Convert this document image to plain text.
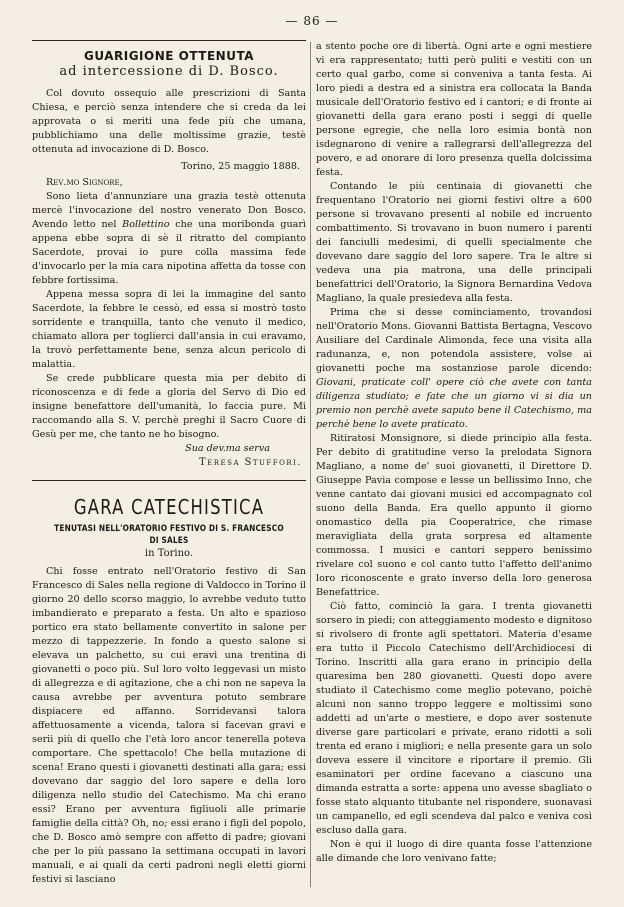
— 86 —
GUARIGIONE OTTENUTA
ad intercessione di D. Bosco.

Col dovuto ossequio alle prescrizioni di Santa Chiesa, e perciò senza intendere che si creda da lei approvata o si meriti una fede più che umana, pubblichiamo una delle moltissime grazie, testè ottenuta ad invocazione di D. Bosco.

Torino, 25 maggio 1888.
Rev.mo Signore,

Sono lieta d'annunziare una grazia testè ottenuta mercè l'invocazione del nostro venerato Don Bosco. Avendo letto nel Bollettino che una moribonda guarì appena ebbe sopra di sè il ritratto del compianto Sacerdote, provai io pure colla massima fede d'invocarlo per la mia cara nipotina affetta da tosse con febbre fortissima.

Appena messa sopra di lei la immagine del santo Sacerdote, la febbre le cessò, ed essa si mostrò tosto sorridente e tranquilla, tanto che venuto il medico, chiamato allora per toglierci dall'ansia in cui eravamo, la trovò perfettamente bene, senza alcun pericolo di malattia.

Se crede pubblicare questa mia per debito di riconoscenza e di fede a gloria del Servo di Dio ed insigne benefattore dell'umanità, lo faccia pure. Mi raccomando alla S. V. perchè preghi il Sacro Cuore di Gesù per me, che tanto ne ho bisogno.

Sua dev.ma serva
Teresa Stuffori.
GARA CATECHISTICA
TENUTASI NELL'ORATORIO FESTIVO DI S. FRANCESCO DI SALES
in Torino.

Chi fosse entrato nell'Oratorio festivo di San Francesco di Sales nella regione di Valdocco in Torino il giorno 20 dello scorso maggio, lo avrebbe veduto tutto imbandierato e preparato a festa. Un alto e spazioso portico era stato bellamente convertito in salone per mezzo di tappezzerie. In fondo a questo salone si elevava un palchetto, su cui eravi una trentina di giovanetti o poco più. Sul loro volto leggevasi un misto di allegrezza e di agitazione, che a chi non ne sapeva la causa avrebbe per avventura potuto sembrare dispiacere ed affanno. Sorridevansi talora affettuosamente a vicenda, talora si facevan gravi e serii più di quello che l'età loro ancor tenerella poteva comportare. Che spettacolo! Che bella mutazione di scena! Erano questi i giovanetti destinati alla gara; essi dovevano dar saggio del loro sapere e della loro diligenza nello studio del Catechismo. Ma chi erano essi? Erano per avventura figliuoli alle primarie famiglie della città? Oh, no; essi erano i figli del popolo, che D. Bosco amò sempre con affetto di padre; giovani che per lo più passano la settimana occupati in lavori manuali, e ai quali da certi padroni negli eletti giorni festivi si lasciano

a stento poche ore di libertà. Ogni arte e ogni mestiere vi era rappresentato; tutti però puliti e vestiti con un certo qual garbo, come si conveniva a tanta festa. Ai loro piedi a destra ed a sinistra era collocata la Banda musicale dell'Oratorio festivo ed i cantori; e di fronte ai giovanetti della gara erano posti i seggi di quelle persone egregie, che nella loro esimia bontà non isdegnarono di venire a rallegrarsi dell'allegrezza del povero, e ad onorare di loro presenza quella dolcissima festa.

Contando le più centinaia di giovanetti che frequentano l'Oratorio nei giorni festivi oltre a 600 persone si trovavano presenti al nobile ed incruento combattimento. Si trovavano in buon numero i parenti dei fanciulli medesimi, di quelli specialmente che dovevano dare saggio del loro sapere. Tra le altre si vedeva una pia matrona, una delle principali benefattrici dell'Oratorio, la Signora Bernardina Vedova Magliano, la quale presiedeva alla festa.

Prima che si desse cominciamento, trovandosi nell'Oratorio Mons. Giovanni Battista Bertagna, Vescovo Ausiliare del Cardinale Alimonda, fece una visita alla radunanza, e, non potendola assistere, volse ai giovanetti poche ma sostanziose parole dicendo: Giovani, praticate coll' opere ciò che avete con tanta diligenza studiato; e fate che un giorno vi si dia un premio non perchè avete saputo bene il Catechismo, ma perchè bene lo avete praticato.

Ritiratosi Monsignore, si diede principio alla festa. Per debito di gratitudine verso la prelodata Signora Magliano, a nome de' suoi giovanetti, il Direttore D. Giuseppe Pavia compose e lesse un bellissimo Inno, che venne cantato dai giovani musici ed accompagnato col suono della Banda. Era quello appunto il giorno onomastico della pia Cooperatrice, che rimase meravigliata della grata sorpresa ed altamente commossa. I musici e cantori seppero benissimo rivelare col suono e col canto tutto l'affetto dell'animo loro riconoscente e grato inverso della loro generosa Benefattrice.

Ciò fatto, cominciò la gara. I trenta giovanetti sorsero in piedi; con atteggiamento modesto e dignitoso si rivolsero di fronte agli spettatori. Materia d'esame era tutto il Piccolo Catechismo dell'Archidiocesi di Torino. Inscritti alla gara erano in principio della quaresima ben 280 giovanetti. Questi dopo avere studiato il Catechismo come meglio potevano, poichè alcuni non sanno troppo leggere e moltissimi sono addetti ad un'arte o mestiere, e dopo aver sostenute diverse gare particolari e private, erano ridotti a soli trenta ed erano i migliori; e nella presente gara un solo doveva essere il vincitore e riportare il premio. Gli esaminatori per ordine facevano a ciascuno una dimanda estratta a sorte: appena uno avesse sbagliato o fosse stato alquanto titubante nel rispondere, suonavasi un campanello, ed egli scendeva dal palco e veniva così escluso dalla gara.

Non è qui il luogo di dire quanta fosse l'attenzione alle dimande che loro venivano fatte;
